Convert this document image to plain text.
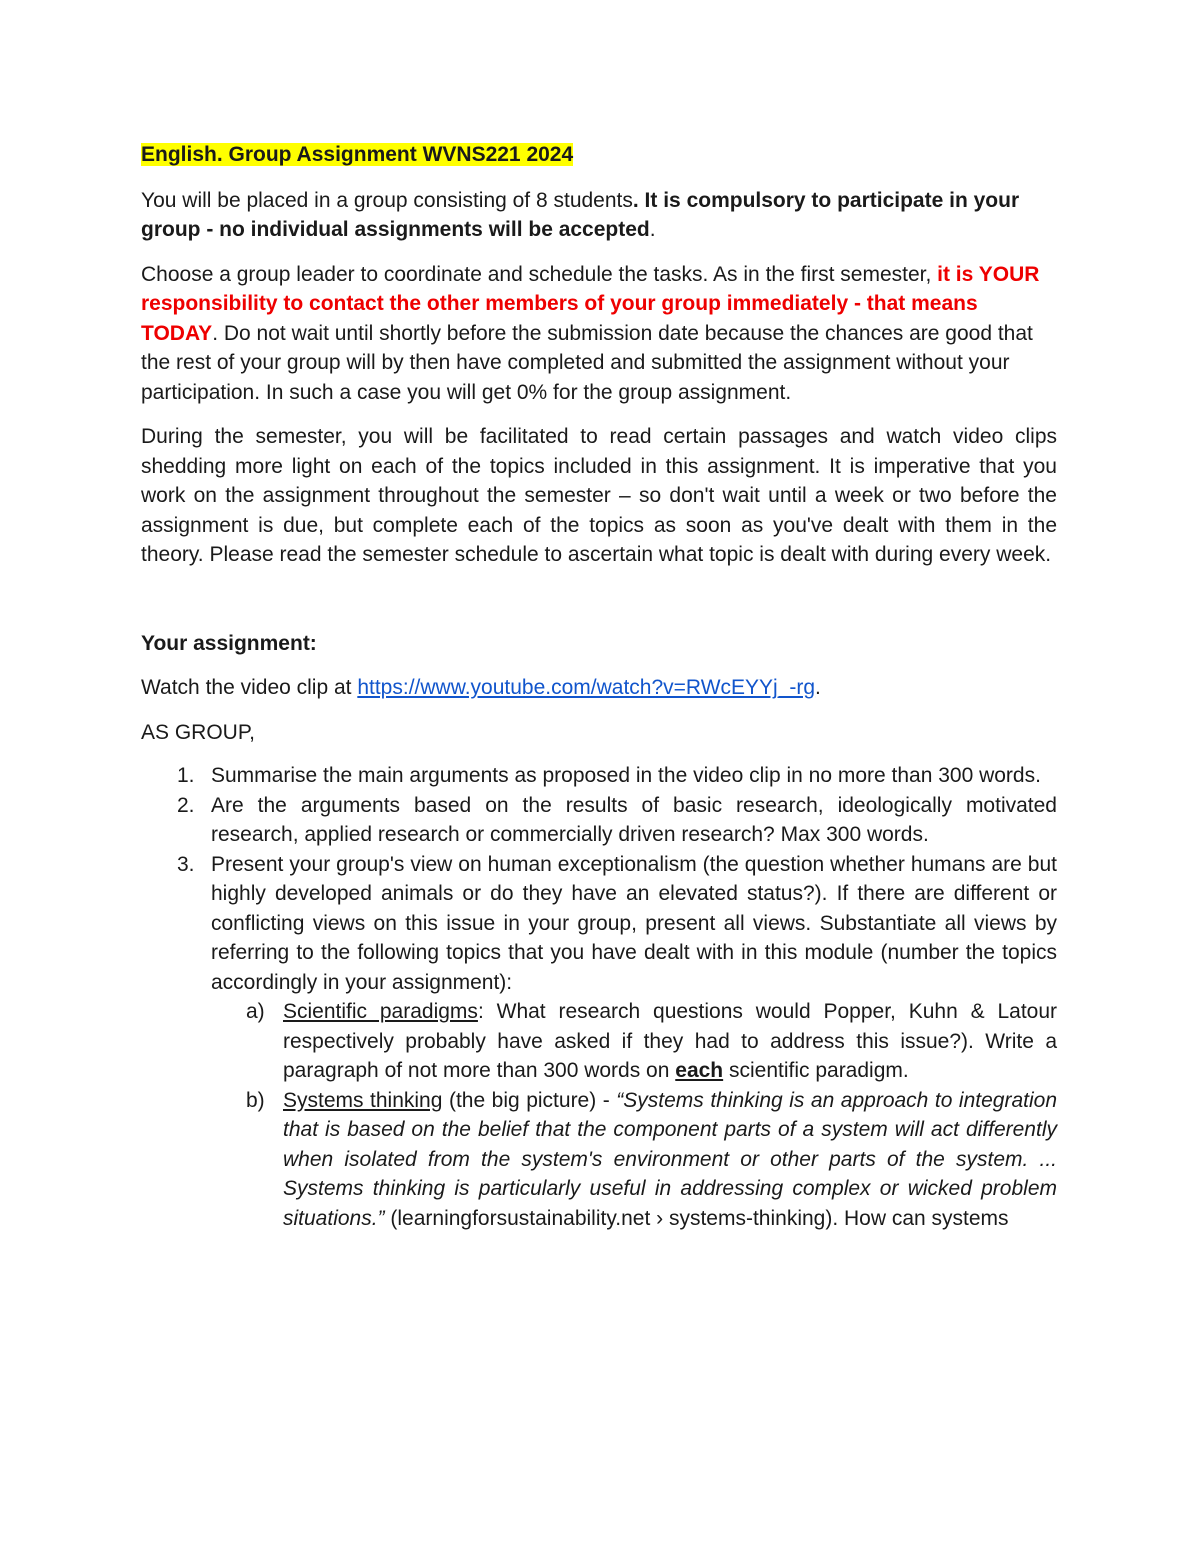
English. Group Assignment WVNS221 2024

You will be placed in a group consisting of 8 students. It is compulsory to participate in your group - no individual assignments will be accepted.

Choose a group leader to coordinate and schedule the tasks. As in the first semester, it is YOUR responsibility to contact the other members of your group immediately - that means TODAY. Do not wait until shortly before the submission date because the chances are good that the rest of your group will by then have completed and submitted the assignment without your participation. In such a case you will get 0% for the group assignment.

During the semester, you will be facilitated to read certain passages and watch video clips shedding more light on each of the topics included in this assignment. It is imperative that you work on the assignment throughout the semester – so don't wait until a week or two before the assignment is due, but complete each of the topics as soon as you've dealt with them in the theory. Please read the semester schedule to ascertain what topic is dealt with during every week.

Your assignment:

Watch the video clip at https://www.youtube.com/watch?v=RWcEYYj_-rg.

AS GROUP,

1. Summarise the main arguments as proposed in the video clip in no more than 300 words.
2. Are the arguments based on the results of basic research, ideologically motivated research, applied research or commercially driven research? Max 300 words.
3. Present your group's view on human exceptionalism (the question whether humans are but highly developed animals or do they have an elevated status?). If there are different or conflicting views on this issue in your group, present all views. Substantiate all views by referring to the following topics that you have dealt with in this module (number the topics accordingly in your assignment):
a) Scientific paradigms: What research questions would Popper, Kuhn & Latour respectively probably have asked if they had to address this issue?). Write a paragraph of not more than 300 words on each scientific paradigm.
b) Systems thinking (the big picture) - “Systems thinking is an approach to integration that is based on the belief that the component parts of a system will act differently when isolated from the system's environment or other parts of the system. ... Systems thinking is particularly useful in addressing complex or wicked problem situations.” (learningforsustainability.net › systems-thinking). How can systems
